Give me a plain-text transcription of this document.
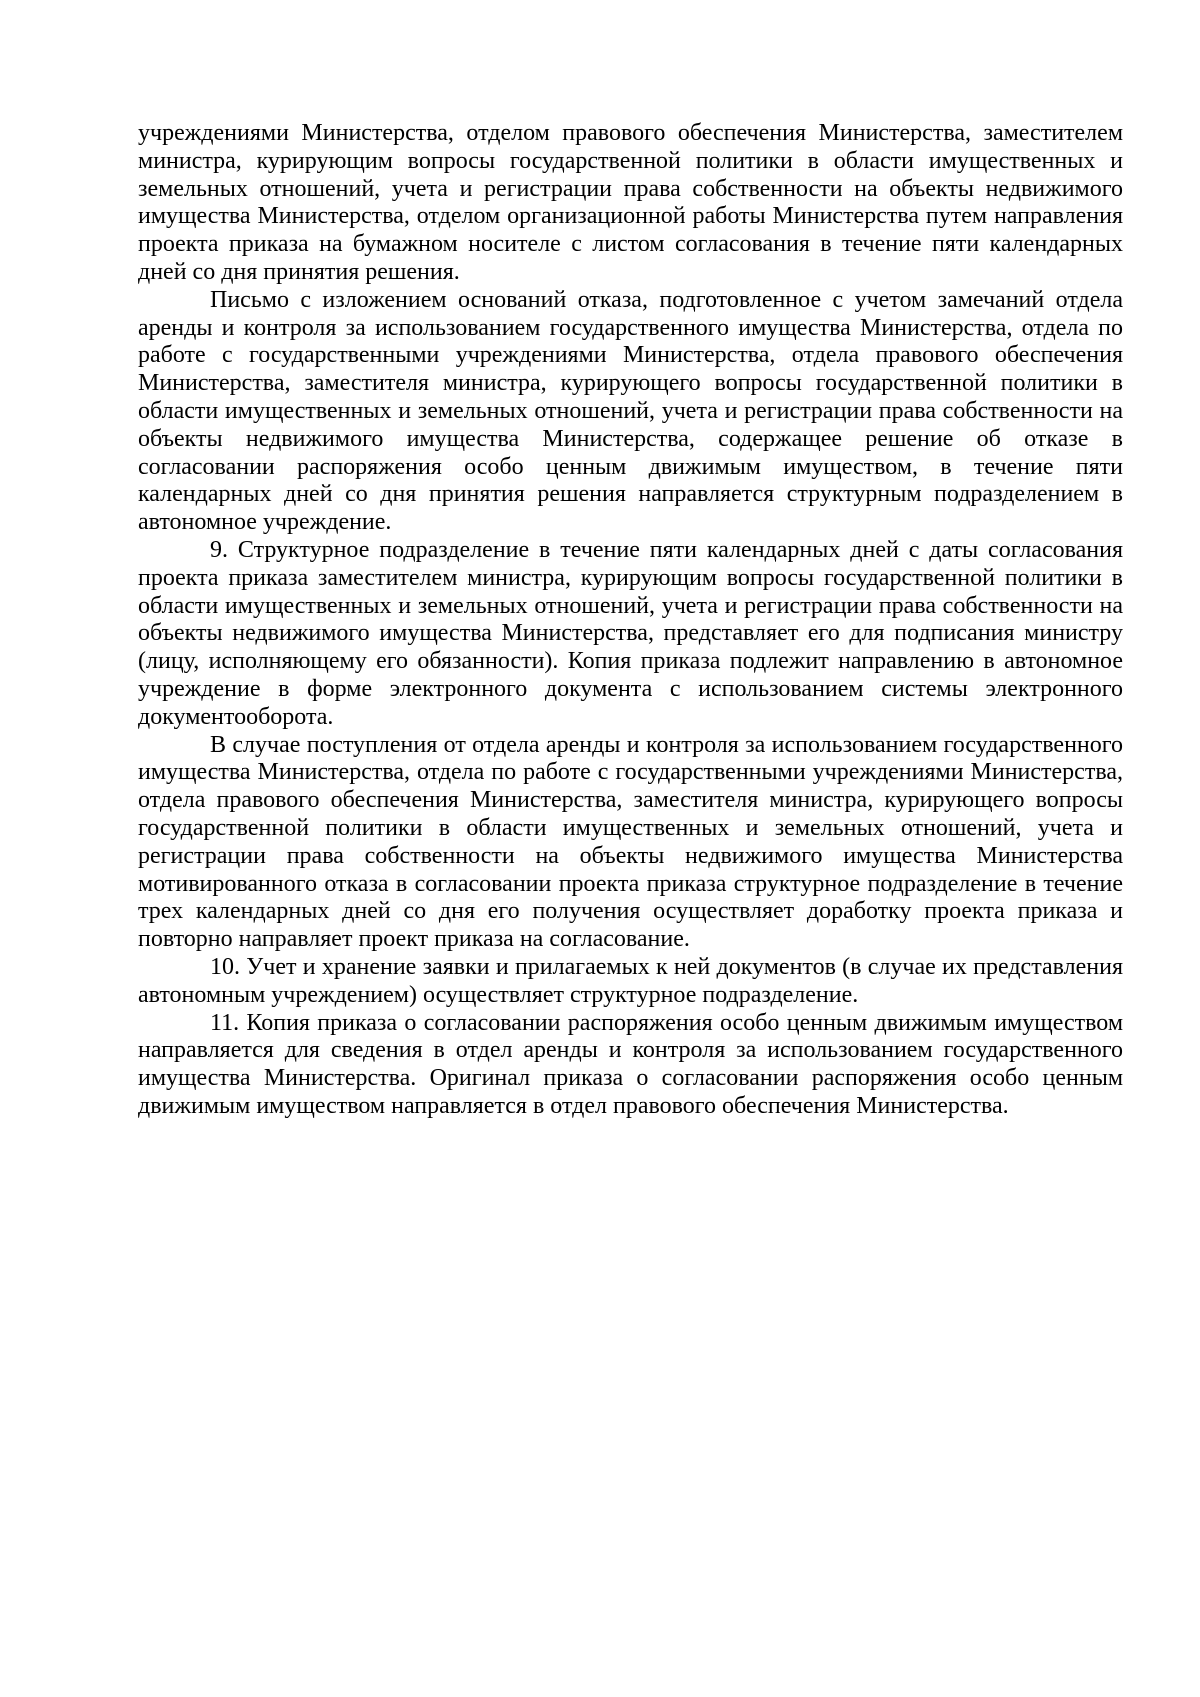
учреждениями Министерства, отделом правового обеспечения Министерства, заместителем министра, курирующим вопросы государственной политики в области имущественных и земельных отношений, учета и регистрации права собственности на объекты недвижимого имущества Министерства, отделом организационной работы Министерства путем направления проекта приказа на бумажном носителе с листом согласования в течение пяти календарных дней со дня принятия решения.

Письмо с изложением оснований отказа, подготовленное с учетом замечаний отдела аренды и контроля за использованием государственного имущества Министерства, отдела по работе с государственными учреждениями Министерства, отдела правового обеспечения Министерства, заместителя министра, курирующего вопросы государственной политики в области имущественных и земельных отношений, учета и регистрации права собственности на объекты недвижимого имущества Министерства, содержащее решение об отказе в согласовании распоряжения особо ценным движимым имуществом, в течение пяти календарных дней со дня принятия решения направляется структурным подразделением в автономное учреждение.

9. Структурное подразделение в течение пяти календарных дней с даты согласования проекта приказа заместителем министра, курирующим вопросы государственной политики в области имущественных и земельных отношений, учета и регистрации права собственности на объекты недвижимого имущества Министерства, представляет его для подписания министру (лицу, исполняющему его обязанности). Копия приказа подлежит направлению в автономное учреждение в форме электронного документа с использованием системы электронного документооборота.

В случае поступления от отдела аренды и контроля за использованием государственного имущества Министерства, отдела по работе с государственными учреждениями Министерства, отдела правового обеспечения Министерства, заместителя министра, курирующего вопросы государственной политики в области имущественных и земельных отношений, учета и регистрации права собственности на объекты недвижимого имущества Министерства мотивированного отказа в согласовании проекта приказа структурное подразделение в течение трех календарных дней со дня его получения осуществляет доработку проекта приказа и повторно направляет проект приказа на согласование.

10. Учет и хранение заявки и прилагаемых к ней документов (в случае их представления автономным учреждением) осуществляет структурное подразделение.

11. Копия приказа о согласовании распоряжения особо ценным движимым имуществом направляется для сведения в отдел аренды и контроля за использованием государственного имущества Министерства. Оригинал приказа о согласовании распоряжения особо ценным движимым имуществом направляется в отдел правового обеспечения Министерства.
